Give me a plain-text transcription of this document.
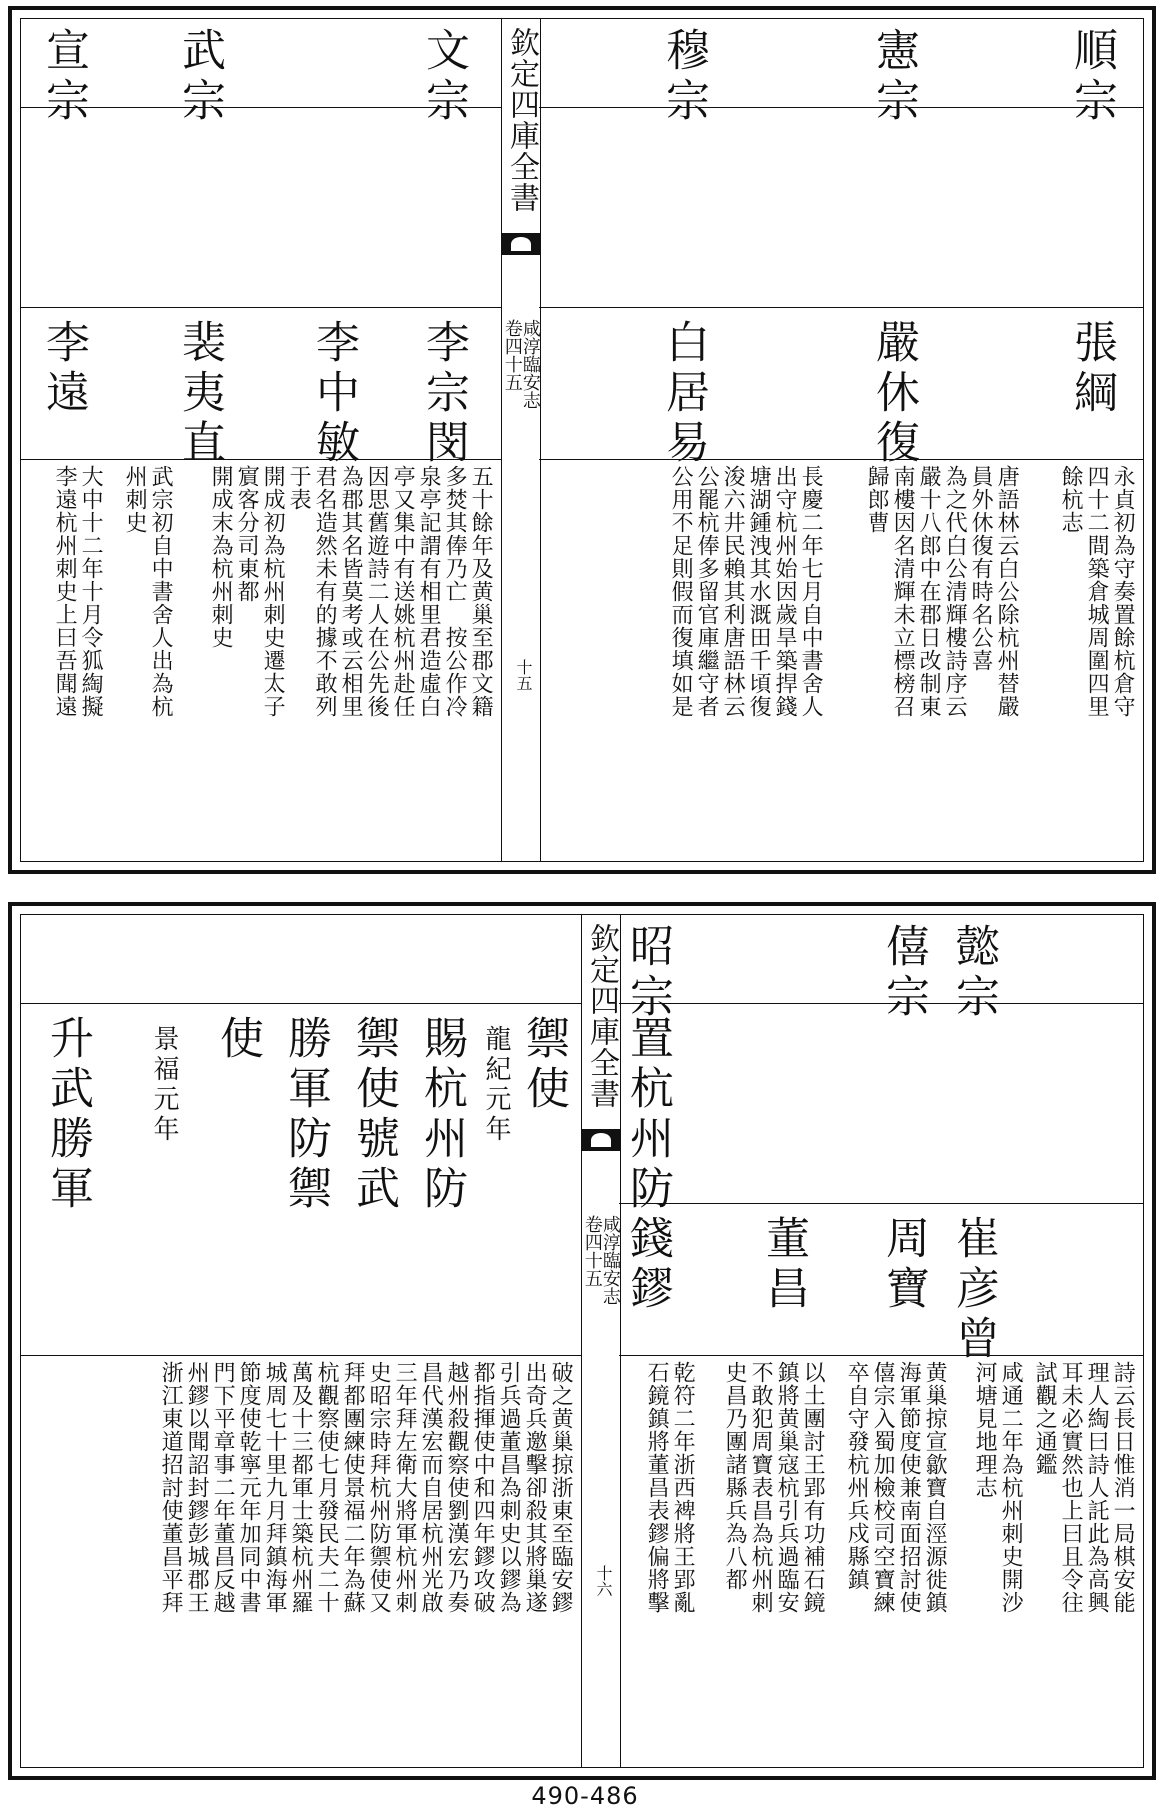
欽定四庫全書
咸淳臨安志
卷四十五
十五
順宗
憲宗
穆宗
張綱
嚴休復
白居易
永貞初為守奏置餘杭倉守
四十二間築倉城周圍四里
餘杭志
唐語林云白公除杭州替嚴
員外休復有時名公喜
為之代白公清輝樓詩序云
嚴十八郎中在郡日改制東
南樓因名清輝未立標榜召
歸郎曹
長慶二年七月自中書舍人
出守杭州始因歲旱築捍錢
塘湖鍾洩其水溉田千頃復
浚六井民賴其利唐語林云
公罷杭俸多留官庫繼守者
公用不足則假而復填如是
文宗
武宗
宣宗
李宗閔
李中敏
裴夷直
李遠
五十餘年及黄巢至郡文籍
多焚其俸乃亡　按公作冷
泉亭記謂有相里君造虛白
亭又集中有送姚杭州赴任
因思舊遊詩二人在公先後
為郡其名皆莫考或云相里
君名造然未有的據不敢列
于表
開成初為杭州刺史遷太子
賔客分司東都
開成末為杭州刺史
武宗初自中書舍人出為杭
州刺史
大中十二年十月令狐綯擬
李遠杭州刺史上曰吾聞遠
欽定四庫全書
咸淳臨安志
卷四十五
十六
懿宗
僖宗
昭宗
置杭州防
崔彦曾
周寶
董昌
錢鏐
詩云長日惟消一局棋安能
理人綯曰詩人託此為高興
耳未必實然也上曰且令往
試觀之通鑑
咸通二年為杭州刺史開沙
河塘見地理志
黄巢掠宣歙寶自涇源徙鎮
海軍節度使兼南面招討使
僖宗入蜀加檢校司空寶練
卒自守發杭州兵戍縣鎮
以土團討王郢有功補石鏡
鎮將黄巢寇杭引兵過臨安
不敢犯周寶表昌為杭州刺
史昌乃團諸縣兵為八都
乾符二年浙西裨將王郢亂
石鏡鎮將董昌表鏐偏將擊
禦使
龍紀元年
賜杭州防
禦使號武
勝軍防禦
使
景福元年
升武勝軍
破之黄巢掠浙東至臨安鏐
出奇兵邀擊卻殺其將巢遂
引兵過董昌為刺史以鏐為
都指揮使中和四年鏐攻破
越州殺觀察使劉漢宏乃奏
昌代漢宏而自居杭州光啟
三年拜左衛大將軍杭州刺
史昭宗時拜杭州防禦使又
拜都團練使景福二年為蘇
杭觀察使七月發民夫二十
萬及十三都軍士築杭州羅
城周七十里九月拜鎮海軍
節度使乾寧元年加同中書
門下平章事二年董昌反越
州鏐以聞詔封鏐彭城郡王
浙江東道招討使董昌平拜
490-486
